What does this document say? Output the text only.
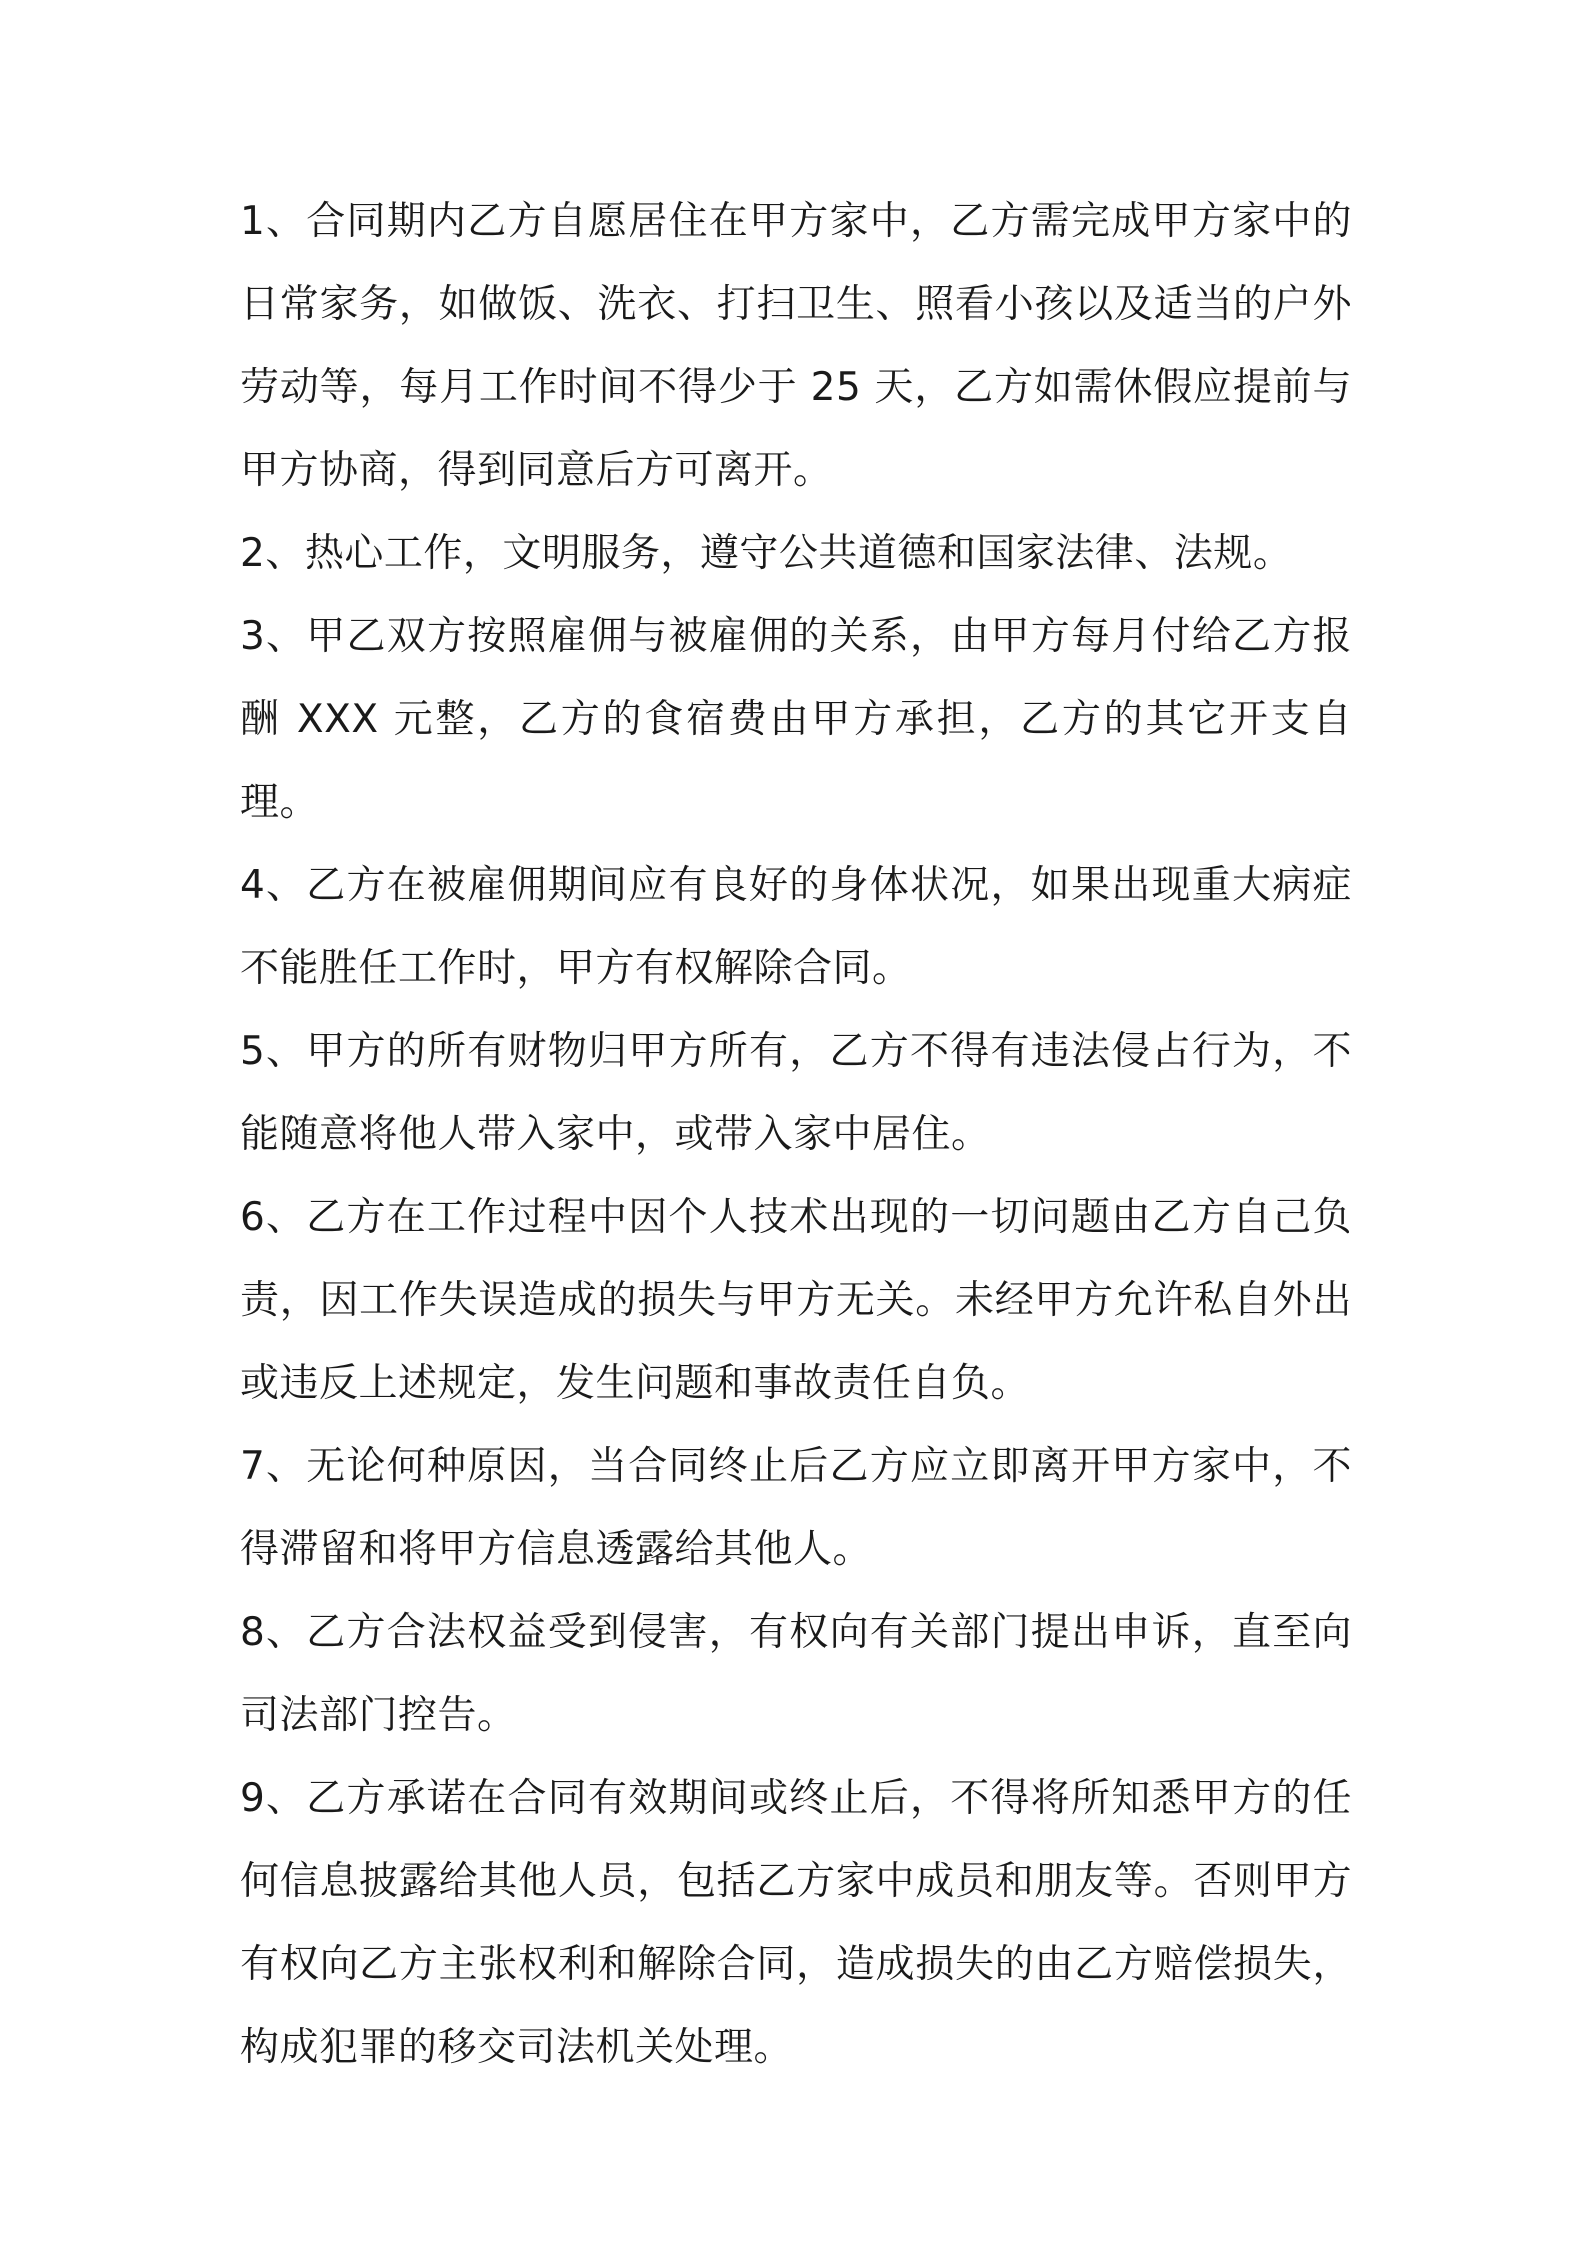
1、合同期内乙方自愿居住在甲方家中，乙方需完成甲方家中的日常家务，如做饭、洗衣、打扫卫生、照看小孩以及适当的户外劳动等，每月工作时间不得少于 25 天，乙方如需休假应提前与甲方协商，得到同意后方可离开。

2、热心工作，文明服务，遵守公共道德和国家法律、法规。

3、甲乙双方按照雇佣与被雇佣的关系，由甲方每月付给乙方报酬 XXX 元整，乙方的食宿费由甲方承担，乙方的其它开支自理。

4、乙方在被雇佣期间应有良好的身体状况，如果出现重大病症不能胜任工作时，甲方有权解除合同。

5、甲方的所有财物归甲方所有，乙方不得有违法侵占行为，不能随意将他人带入家中，或带入家中居住。

6、乙方在工作过程中因个人技术出现的一切问题由乙方自己负责，因工作失误造成的损失与甲方无关。未经甲方允许私自外出或违反上述规定，发生问题和事故责任自负。

7、无论何种原因，当合同终止后乙方应立即离开甲方家中，不得滞留和将甲方信息透露给其他人。

8、乙方合法权益受到侵害，有权向有关部门提出申诉，直至向司法部门控告。

9、乙方承诺在合同有效期间或终止后，不得将所知悉甲方的任何信息披露给其他人员，包括乙方家中成员和朋友等。否则甲方有权向乙方主张权利和解除合同，造成损失的由乙方赔偿损失，构成犯罪的移交司法机关处理。
